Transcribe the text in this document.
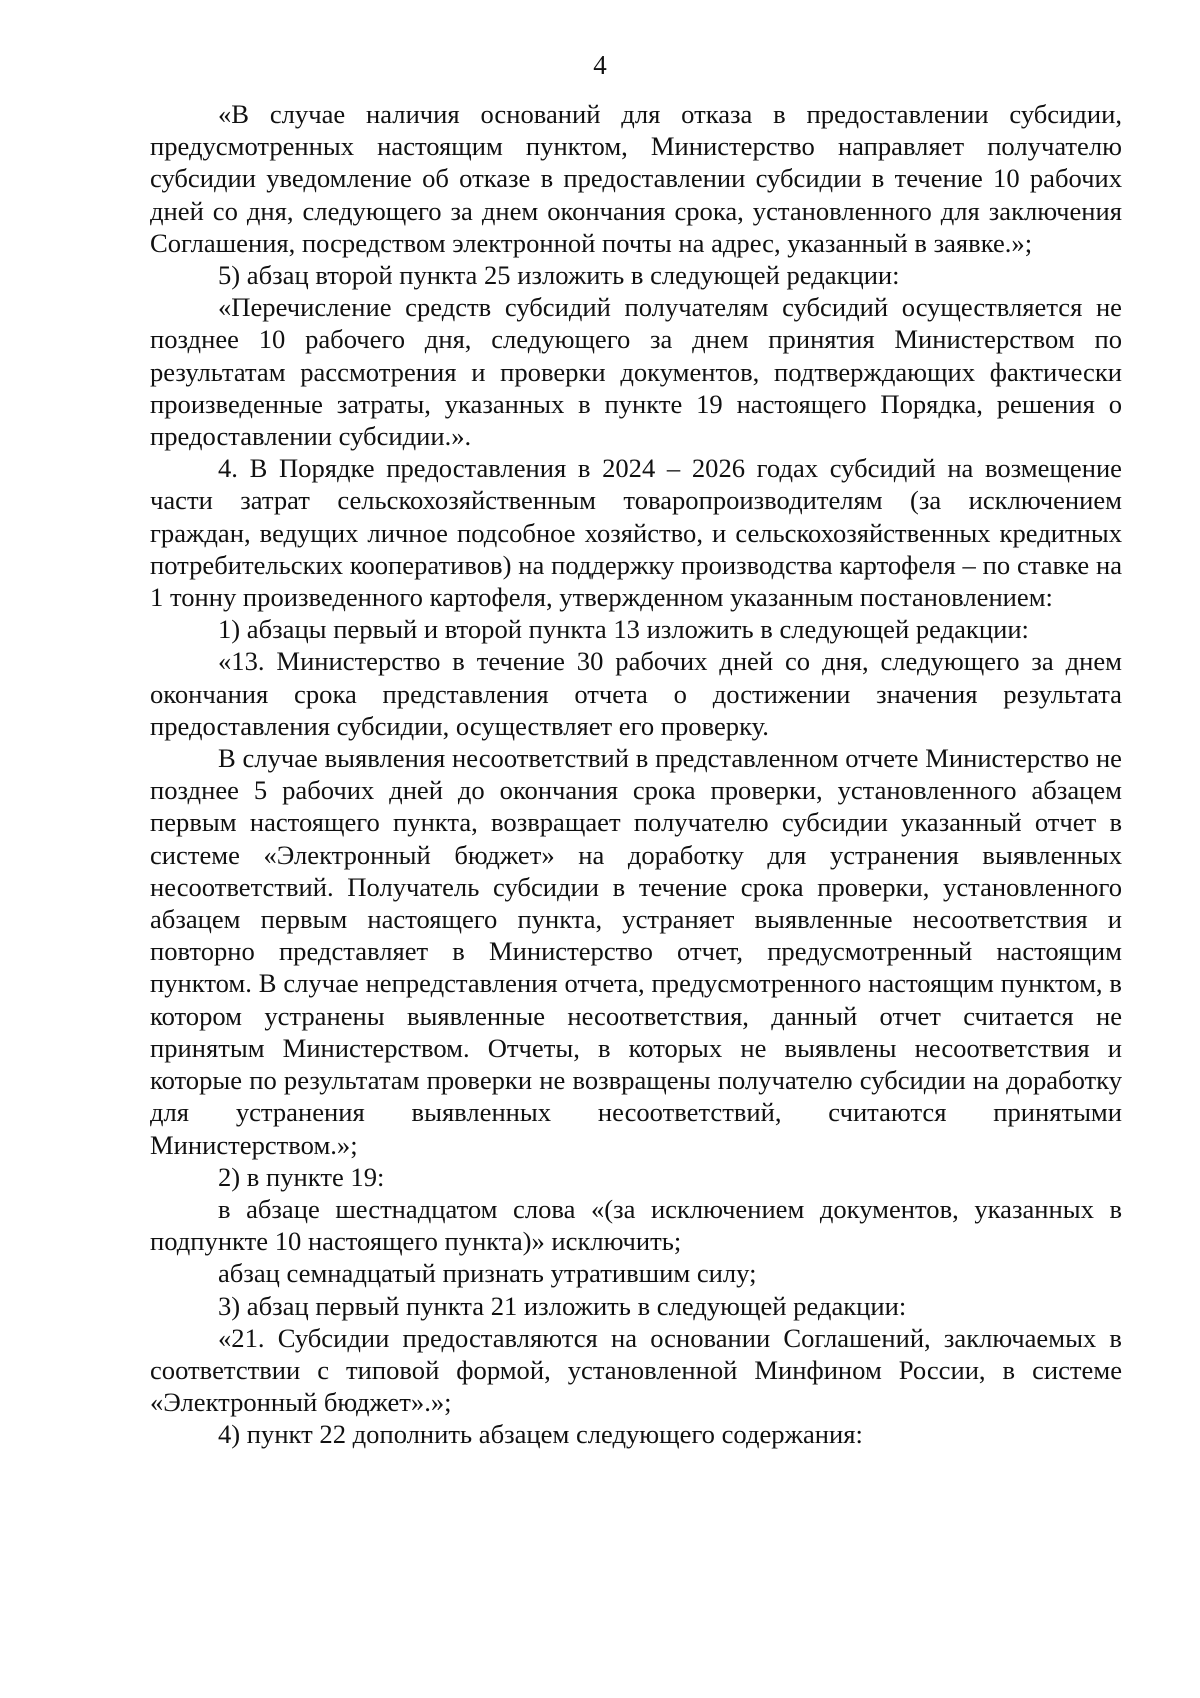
4

«В случае наличия оснований для отказа в предоставлении субсидии, предусмотренных настоящим пунктом, Министерство направляет получателю субсидии уведомление об отказе в предоставлении субсидии в течение 10 рабочих дней со дня, следующего за днем окончания срока, установленного для заключения Соглашения, посредством электронной почты на адрес, указанный в заявке.»;

5) абзац второй пункта 25 изложить в следующей редакции:

«Перечисление средств субсидий получателям субсидий осуществляется не позднее 10 рабочего дня, следующего за днем принятия Министерством по результатам рассмотрения и проверки документов, подтверждающих фактически произведенные затраты, указанных в пункте 19 настоящего Порядка, решения о предоставлении субсидии.».

4. В Порядке предоставления в 2024 – 2026 годах субсидий на возмещение части затрат сельскохозяйственным товаропроизводителям (за исключением граждан, ведущих личное подсобное хозяйство, и сельскохозяйственных кредитных потребительских кооперативов) на поддержку производства картофеля – по ставке на 1 тонну произведенного картофеля, утвержденном указанным постановлением:

1) абзацы первый и второй пункта 13 изложить в следующей редакции:

«13. Министерство в течение 30 рабочих дней со дня, следующего за днем окончания срока представления отчета о достижении значения результата предоставления субсидии, осуществляет его проверку.

В случае выявления несоответствий в представленном отчете Министерство не позднее 5 рабочих дней до окончания срока проверки, установленного абзацем первым настоящего пункта, возвращает получателю субсидии указанный отчет в системе «Электронный бюджет» на доработку для устранения выявленных несоответствий. Получатель субсидии в течение срока проверки, установленного абзацем первым настоящего пункта, устраняет выявленные несоответствия и повторно представляет в Министерство отчет, предусмотренный настоящим пунктом. В случае непредставления отчета, предусмотренного настоящим пунктом, в котором устранены выявленные несоответствия, данный отчет считается не принятым Министерством. Отчеты, в которых не выявлены несоответствия и которые по результатам проверки не возвращены получателю субсидии на доработку для устранения выявленных несоответствий, считаются принятыми Министерством.»;

2) в пункте 19:

в абзаце шестнадцатом слова «(за исключением документов, указанных в подпункте 10 настоящего пункта)» исключить;

абзац семнадцатый признать утратившим силу;

3) абзац первый пункта 21 изложить в следующей редакции:

«21. Субсидии предоставляются на основании Соглашений, заключаемых в соответствии с типовой формой, установленной Минфином России, в системе «Электронный бюджет».»;

4) пункт 22 дополнить абзацем следующего содержания:
